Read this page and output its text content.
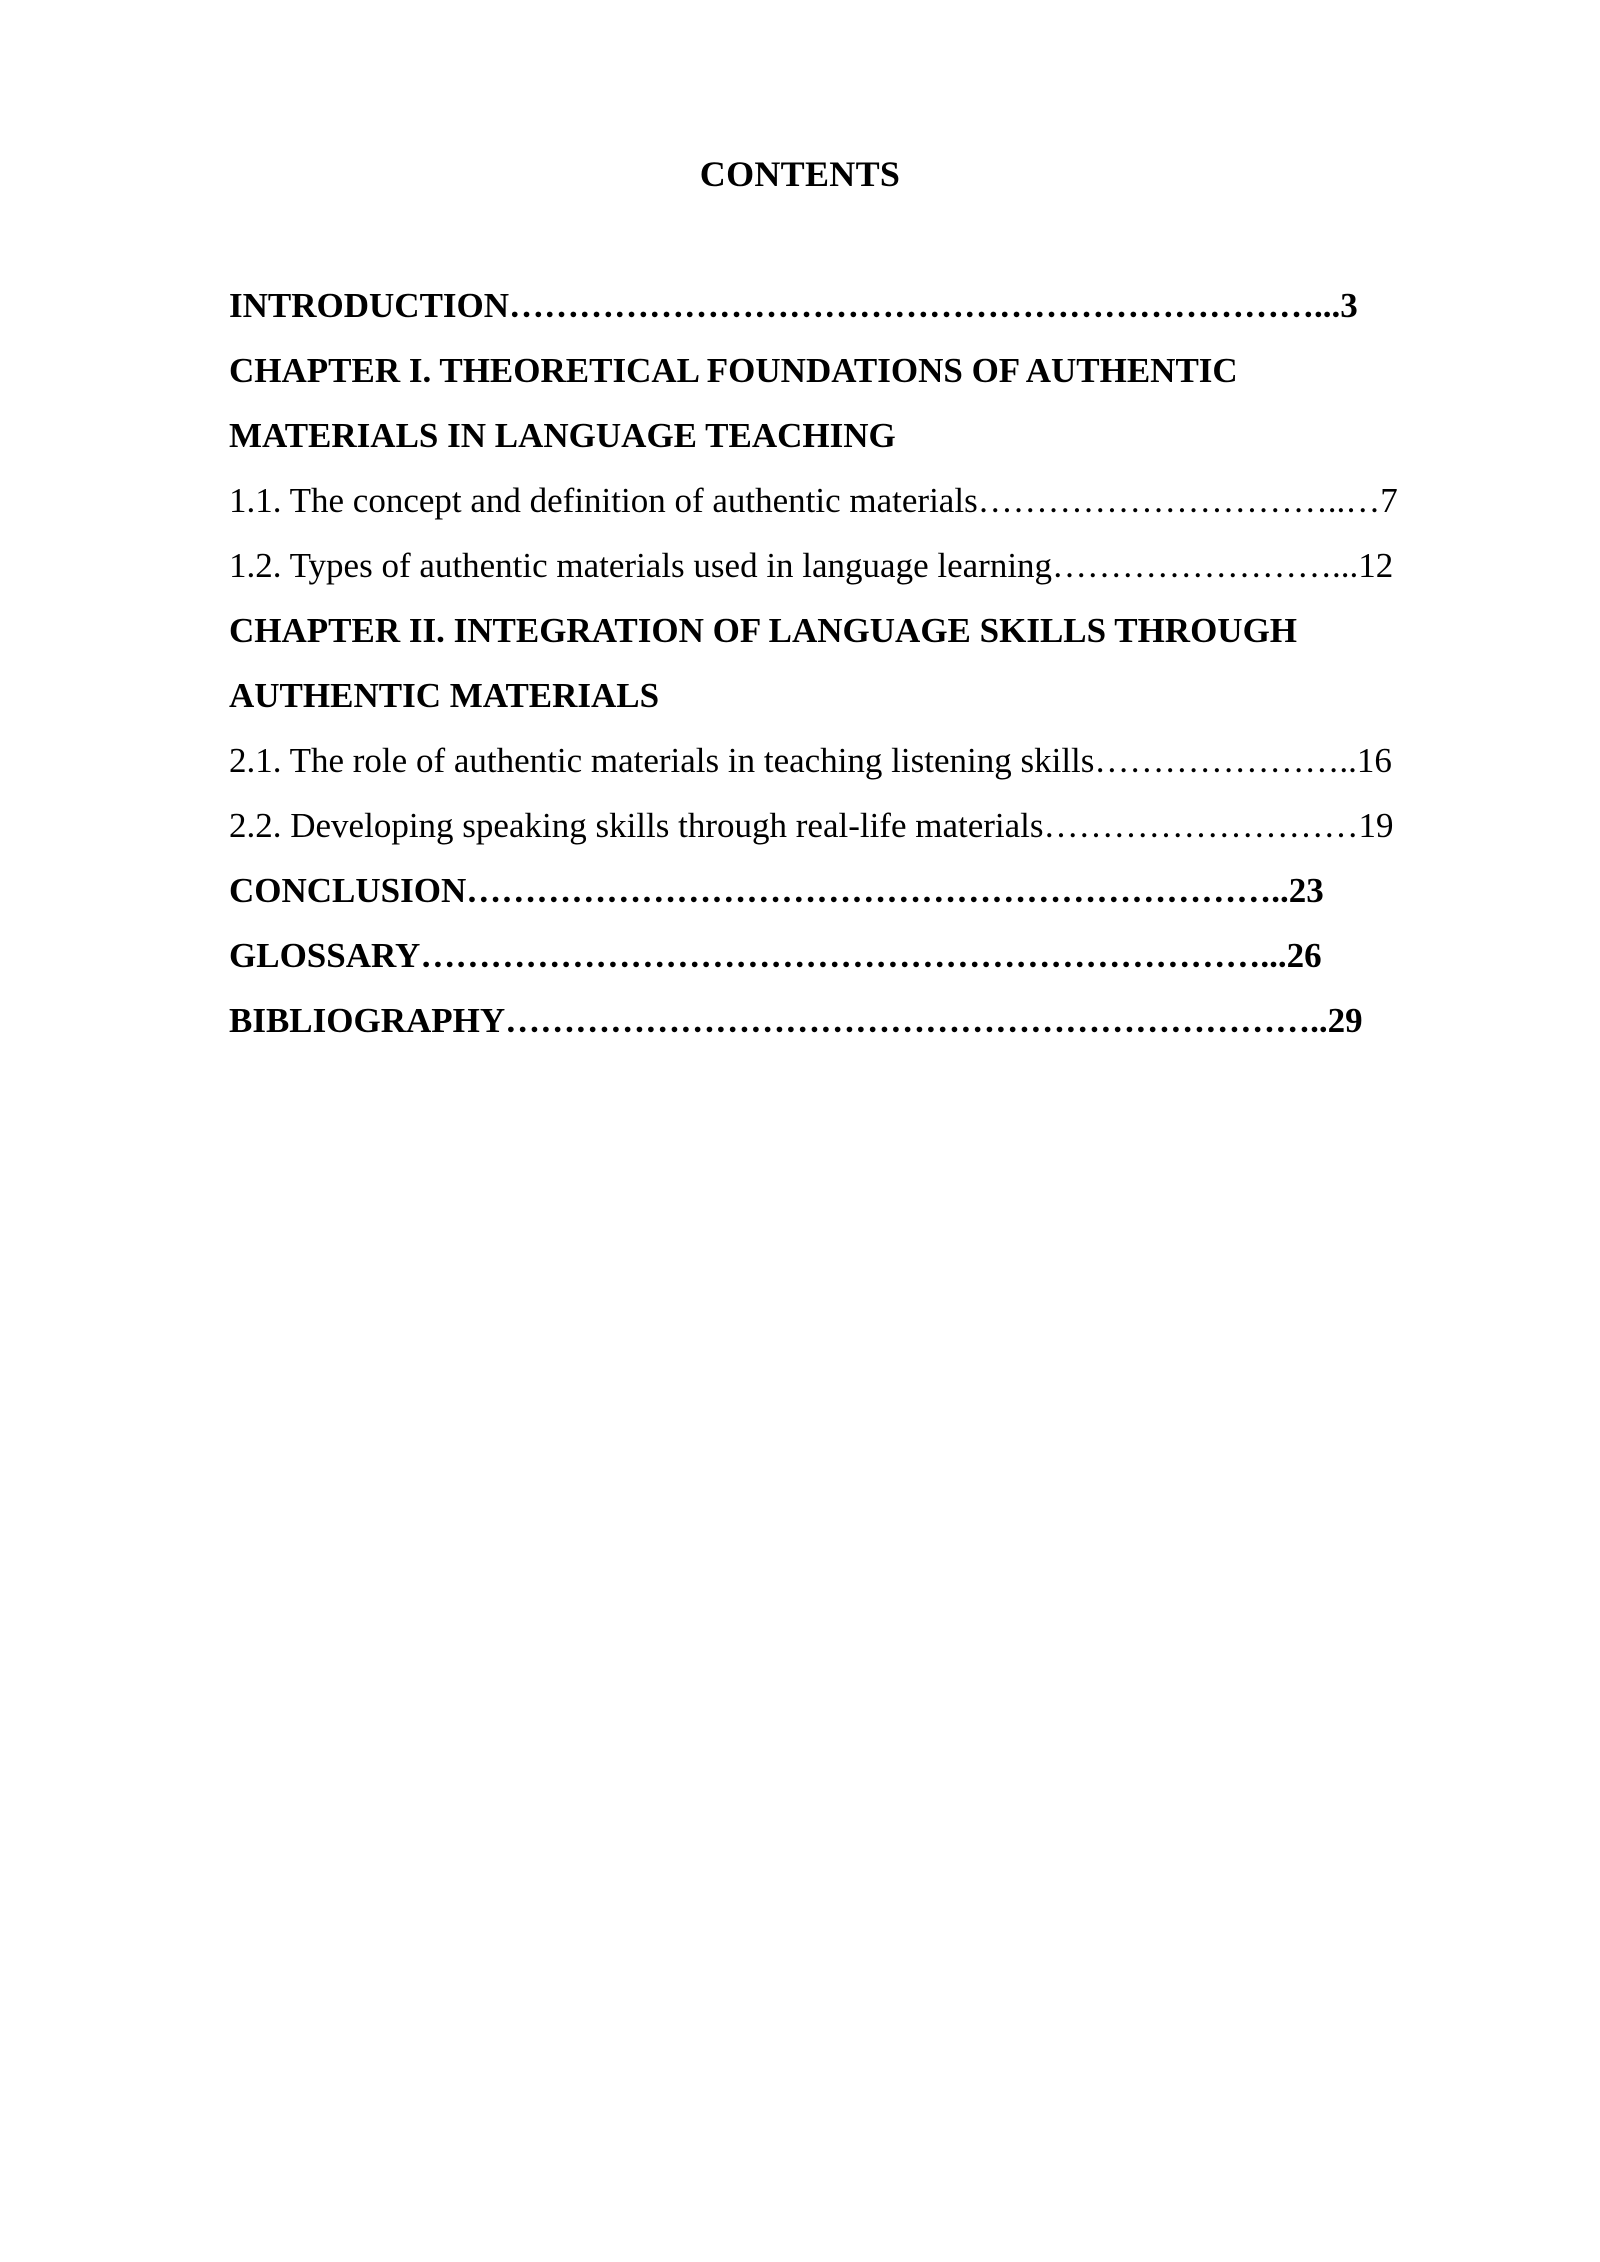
CONTENTS
INTRODUCTION……………………………………………………………...3
CHAPTER I. THEORETICAL FOUNDATIONS OF AUTHENTIC
MATERIALS IN LANGUAGE TEACHING
1.1. The concept and definition of authentic materials…………………………..…7
1.2. Types of authentic materials used in language learning……………………...12
CHAPTER II. INTEGRATION OF LANGUAGE SKILLS THROUGH
AUTHENTIC MATERIALS
2.1. The role of authentic materials in teaching listening skills…………………..16
2.2. Developing speaking skills through real-life materials………………………19
CONCLUSION……………………………………………………………..23
GLOSSARY………………………………………………………………...26
BIBLIOGRAPHY……………………………………………………………..29
